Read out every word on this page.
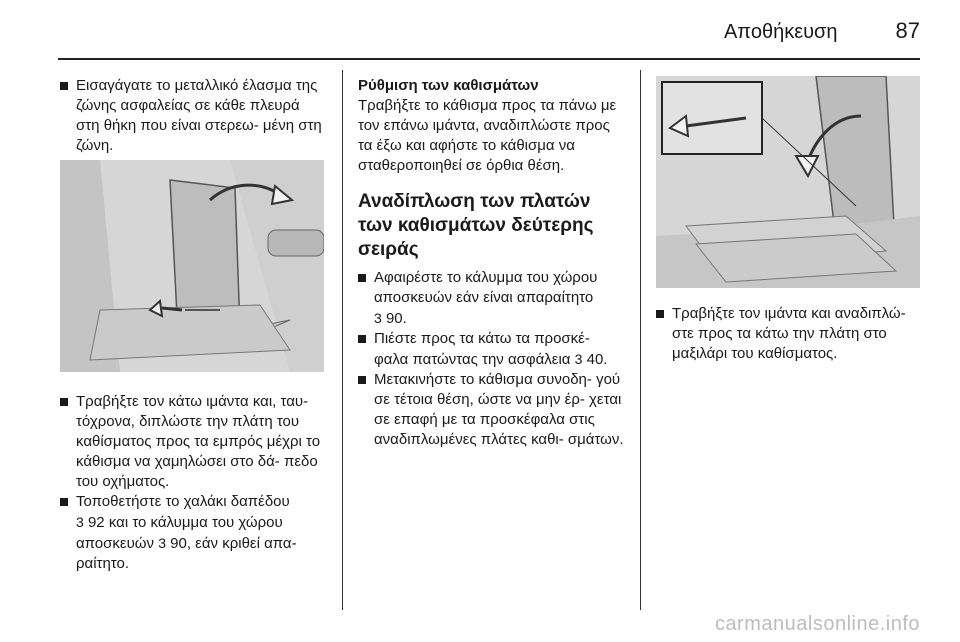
Αποθήκευση	87

Εισαγάγατε το μεταλλικό έλασμα της ζώνης ασφαλείας σε κάθε πλευρά στη θήκη που είναι στερεω- μένη στη ζώνη.

Τραβήξτε τον κάτω ιμάντα και, ταυ- τόχρονα, διπλώστε την πλάτη του καθίσματος προς τα εμπρός μέχρι το κάθισμα να χαμηλώσει στο δά- πεδο του οχήματος.

Τοποθετήστε το χαλάκι δαπέδου
3 92 και το κάλυμμα του χώρου αποσκευών 3 90, εάν κριθεί απα- ραίτητο.

Ρύθμιση των καθισμάτων

Τραβήξτε το κάθισμα προς τα πάνω με τον επάνω ιμάντα, αναδιπλώστε προς τα έξω και αφήστε το κάθισμα να σταθεροποιηθεί σε όρθια θέση.

Αναδίπλωση των πλατών των καθισμάτων δεύτερης σειράς

Αφαιρέστε το κάλυμμα του χώρου αποσκευών εάν είναι απαραίτητο
3 90.

Πιέστε προς τα κάτω τα προσκέ- φαλα πατώντας την ασφάλεια 3 40.

Μετακινήστε το κάθισμα συνοδη- γού σε τέτοια θέση, ώστε να μην έρ- χεται σε επαφή με τα προσκέφαλα στις αναδιπλωμένες πλάτες καθι- σμάτων.

Τραβήξτε τον ιμάντα και αναδιπλώ- στε προς τα κάτω την πλάτη στο μαξιλάρι του καθίσματος.

carmanualsonline.info
